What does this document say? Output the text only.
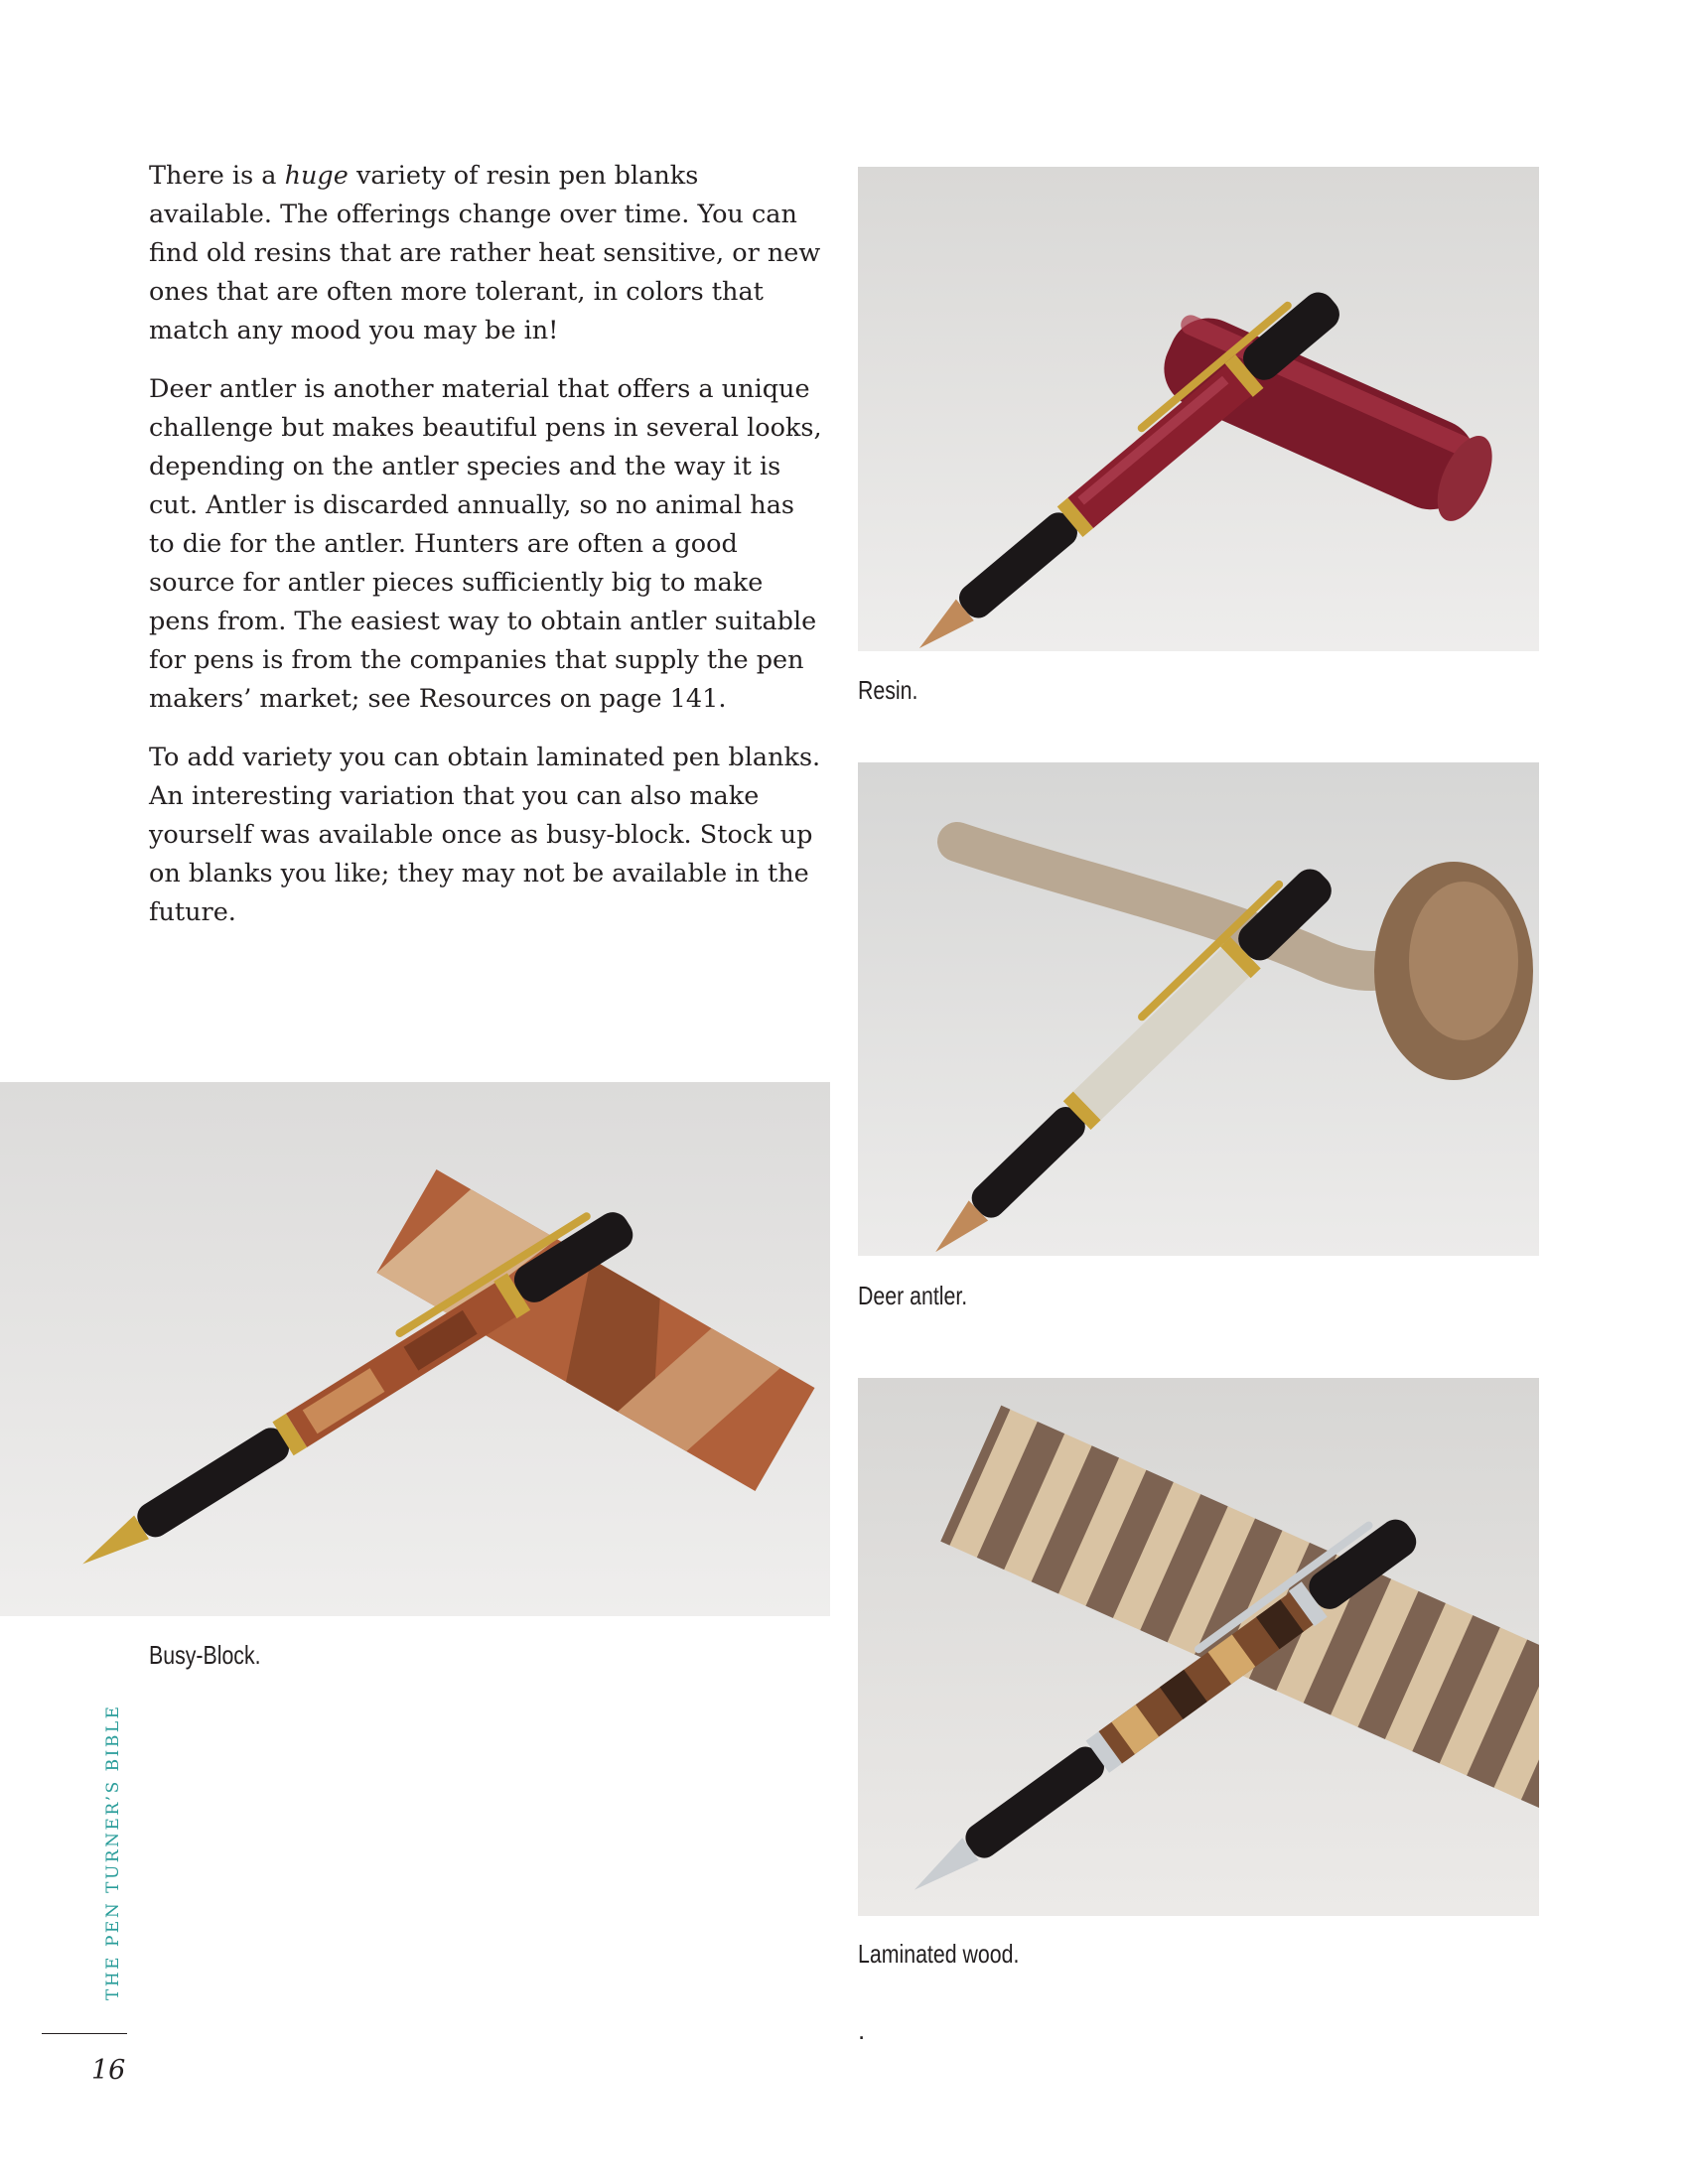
There is a huge variety of resin pen blanks available. The offerings change over time. You can find old resins that are rather heat sensitive, or new ones that are often more tolerant, in colors that match any mood you may be in!

Deer antler is another material that offers a unique challenge but makes beautiful pens in several looks, depending on the antler species and the way it is cut. Antler is discarded annually, so no animal has to die for the antler. Hunters are often a good source for antler pieces sufficiently big to make pens from. The easiest way to obtain antler suitable for pens is from the companies that supply the pen makers’ market; see Resources on page 141.

To add variety you can obtain laminated pen blanks. An interesting variation that you can also make yourself was available once as busy-block. Stock up on blanks you like; they may not be available in the future.

Resin.
Deer antler.
Busy-Block.
Laminated wood.
.
THE PEN TURNER’S BIBLE
16
